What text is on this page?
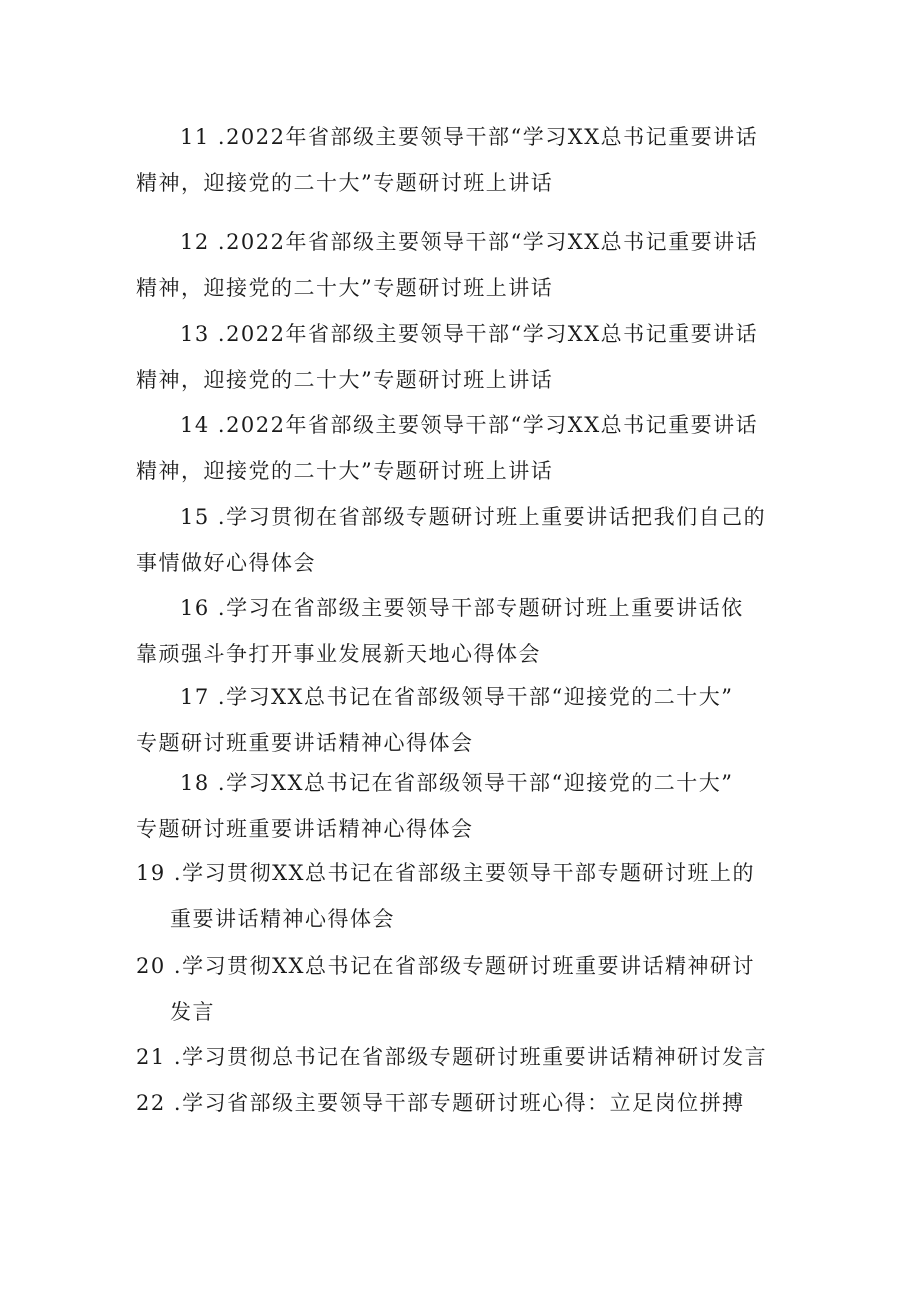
11 .2022年省部级主要领导干部“学习XX总书记重要讲话
精神，迎接党的二十大”专题研讨班上讲话

12 .2022年省部级主要领导干部“学习XX总书记重要讲话
精神，迎接党的二十大”专题研讨班上讲话

13 .2022年省部级主要领导干部“学习XX总书记重要讲话
精神，迎接党的二十大”专题研讨班上讲话

14 .2022年省部级主要领导干部“学习XX总书记重要讲话
精神，迎接党的二十大”专题研讨班上讲话

15 .学习贯彻在省部级专题研讨班上重要讲话把我们自己的
事情做好心得体会

16 .学习在省部级主要领导干部专题研讨班上重要讲话依
靠顽强斗争打开事业发展新天地心得体会

17 .学习XX总书记在省部级领导干部“迎接党的二十大”
专题研讨班重要讲话精神心得体会

18 .学习XX总书记在省部级领导干部“迎接党的二十大”
专题研讨班重要讲话精神心得体会

19 .学习贯彻XX总书记在省部级主要领导干部专题研讨班上的
重要讲话精神心得体会

20 .学习贯彻XX总书记在省部级专题研讨班重要讲话精神研讨
发言

21 .学习贯彻总书记在省部级专题研讨班重要讲话精神研讨发言

22 .学习省部级主要领导干部专题研讨班心得：立足岗位拼搏
